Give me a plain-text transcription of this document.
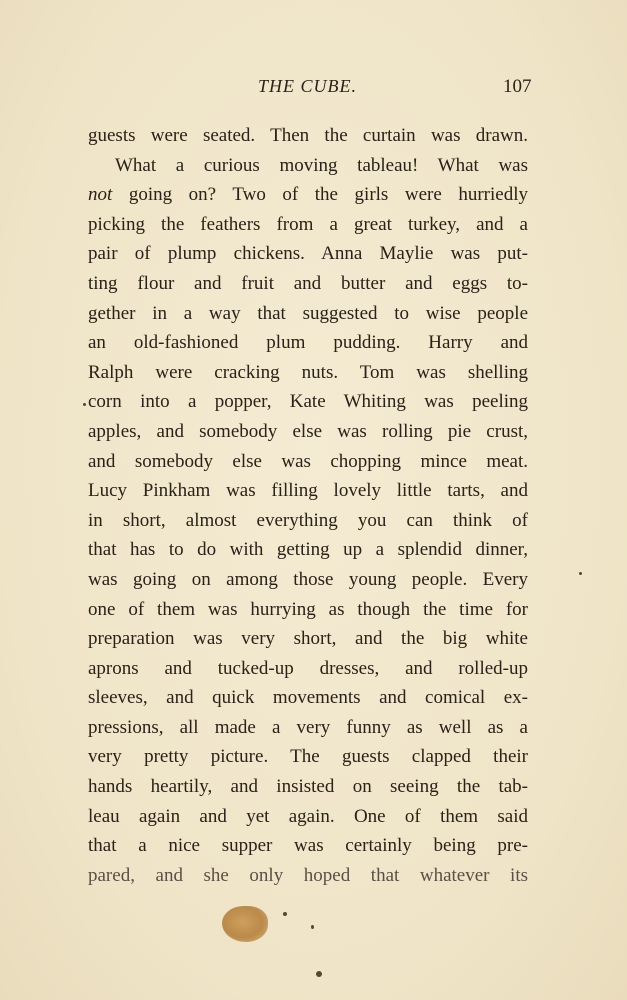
THE CUBE.	107
guests were seated. Then the curtain was drawn.
What a curious moving tableau! What was
not going on? Two of the girls were hurriedly
picking the feathers from a great turkey, and a
pair of plump chickens. Anna Maylie was put-
ting flour and fruit and butter and eggs to-
gether in a way that suggested to wise people
an old-fashioned plum pudding. Harry and
Ralph were cracking nuts. Tom was shelling
corn into a popper, Kate Whiting was peeling
apples, and somebody else was rolling pie crust,
and somebody else was chopping mince meat.
Lucy Pinkham was filling lovely little tarts, and
in short, almost everything you can think of
that has to do with getting up a splendid dinner,
was going on among those young people. Every
one of them was hurrying as though the time for
preparation was very short, and the big white
aprons and tucked-up dresses, and rolled-up
sleeves, and quick movements and comical ex-
pressions, all made a very funny as well as a
very pretty picture. The guests clapped their
hands heartily, and insisted on seeing the tab-
leau again and yet again. One of them said
that a nice supper was certainly being pre-
pared, and she only hoped that whatever its
